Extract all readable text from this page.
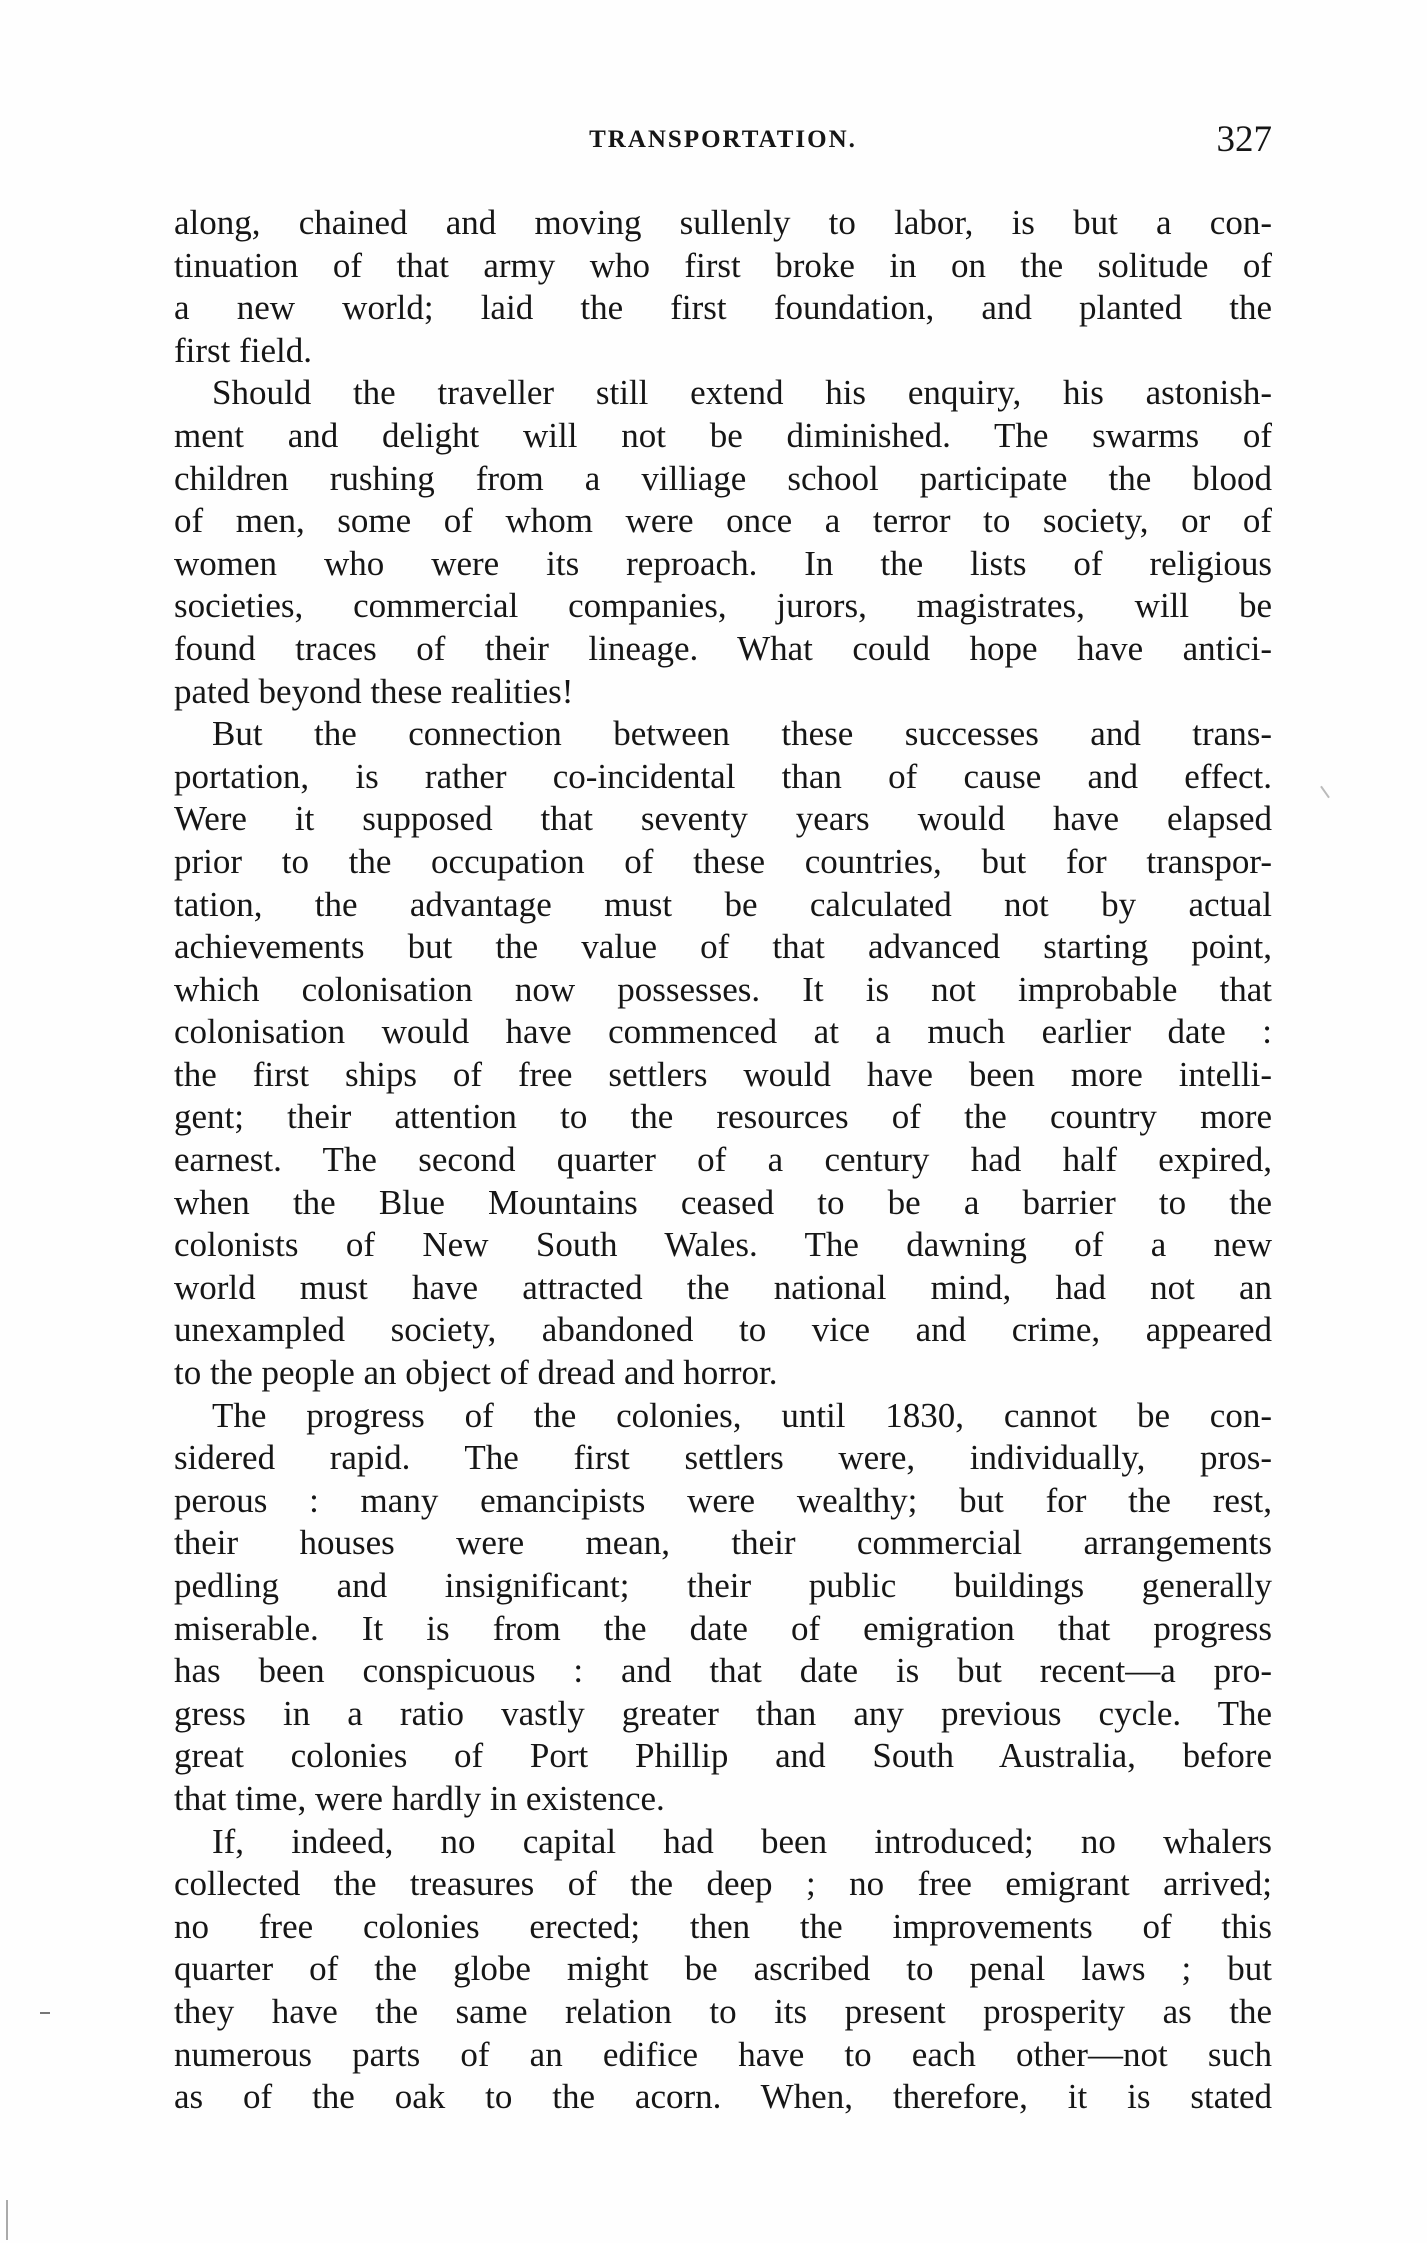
TRANSPORTATION.	327
along, chained and moving sullenly to labor, is but a con-
tinuation of that army who first broke in on the solitude of
a new world; laid the first foundation, and planted the
first field.
Should the traveller still extend his enquiry, his astonish-
ment and delight will not be diminished. The swarms of
children rushing from a villiage school participate the blood
of men, some of whom were once a terror to society, or of
women who were its reproach. In the lists of religious
societies, commercial companies, jurors, magistrates, will be
found traces of their lineage. What could hope have antici-
pated beyond these realities!
But the connection between these successes and trans-
portation, is rather co-incidental than of cause and effect.
Were it supposed that seventy years would have elapsed
prior to the occupation of these countries, but for transpor-
tation, the advantage must be calculated not by actual
achievements but the value of that advanced starting point,
which colonisation now possesses. It is not improbable that
colonisation would have commenced at a much earlier date :
the first ships of free settlers would have been more intelli-
gent; their attention to the resources of the country more
earnest. The second quarter of a century had half expired,
when the Blue Mountains ceased to be a barrier to the
colonists of New South Wales. The dawning of a new
world must have attracted the national mind, had not an
unexampled society, abandoned to vice and crime, appeared
to the people an object of dread and horror.
The progress of the colonies, until 1830, cannot be con-
sidered rapid. The first settlers were, individually, pros-
perous : many emancipists were wealthy; but for the rest,
their houses were mean, their commercial arrangements
pedling and insignificant; their public buildings generally
miserable. It is from the date of emigration that progress
has been conspicuous : and that date is but recent—a pro-
gress in a ratio vastly greater than any previous cycle. The
great colonies of Port Phillip and South Australia, before
that time, were hardly in existence.
If, indeed, no capital had been introduced; no whalers
collected the treasures of the deep ; no free emigrant arrived;
no free colonies erected; then the improvements of this
quarter of the globe might be ascribed to penal laws ; but
they have the same relation to its present prosperity as the
numerous parts of an edifice have to each other—not such
as of the oak to the acorn. When, therefore, it is stated
